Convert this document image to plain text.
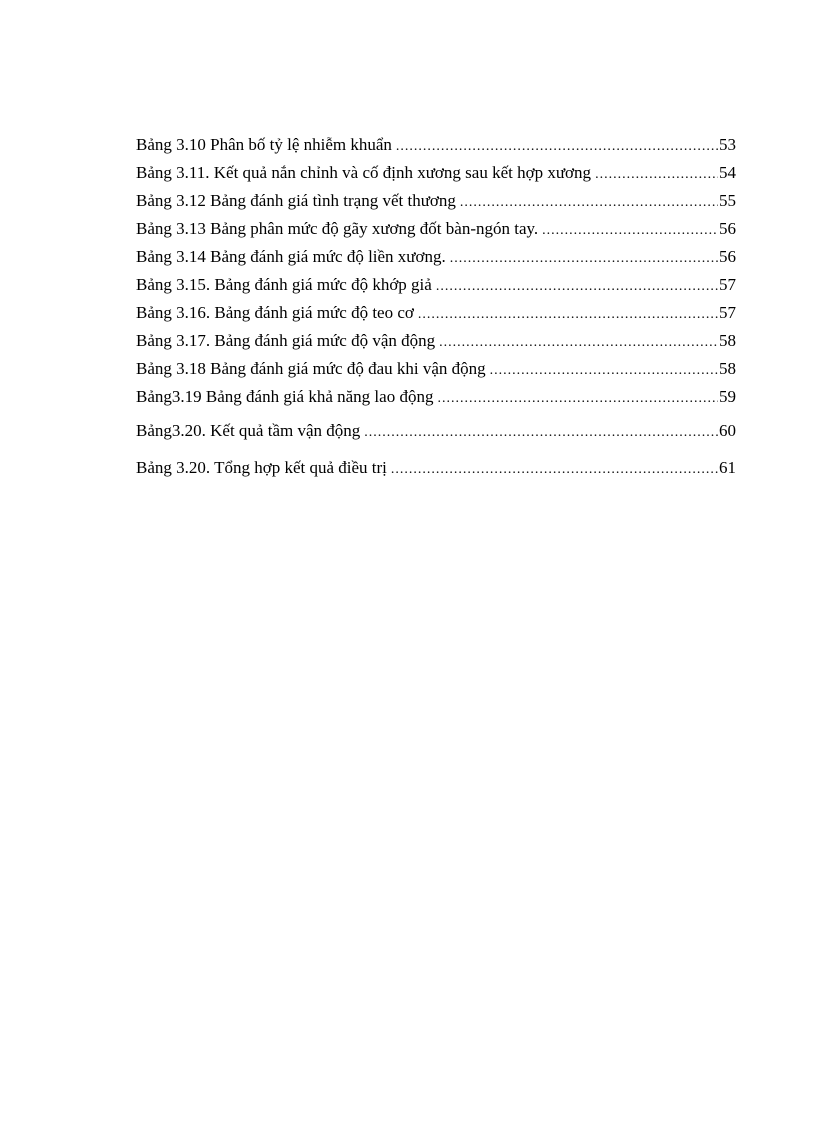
Bảng 3.10 Phân bố tỷ lệ nhiễm khuẩn .....	53
Bảng 3.11. Kết quả nắn chỉnh và cố định xương sau kết hợp xương .....	54
Bảng 3.12 Bảng đánh giá tình trạng vết thương .....	55
Bảng 3.13 Bảng phân mức độ gãy xương đốt bàn-ngón tay. .....	56
Bảng 3.14 Bảng đánh giá mức độ liền xương. .....	56
Bảng 3.15. Bảng đánh giá mức độ khớp giả .....	57
Bảng 3.16. Bảng đánh giá mức độ teo cơ .....	57
Bảng 3.17. Bảng đánh giá mức độ vận động .....	58
Bảng 3.18 Bảng đánh giá mức độ đau khi vận động .....	58
Bảng3.19 Bảng đánh giá khả năng lao động .....	59
Bảng3.20. Kết quả tầm vận động .....	60
Bảng 3.20. Tổng hợp kết quả điều trị .....	61
